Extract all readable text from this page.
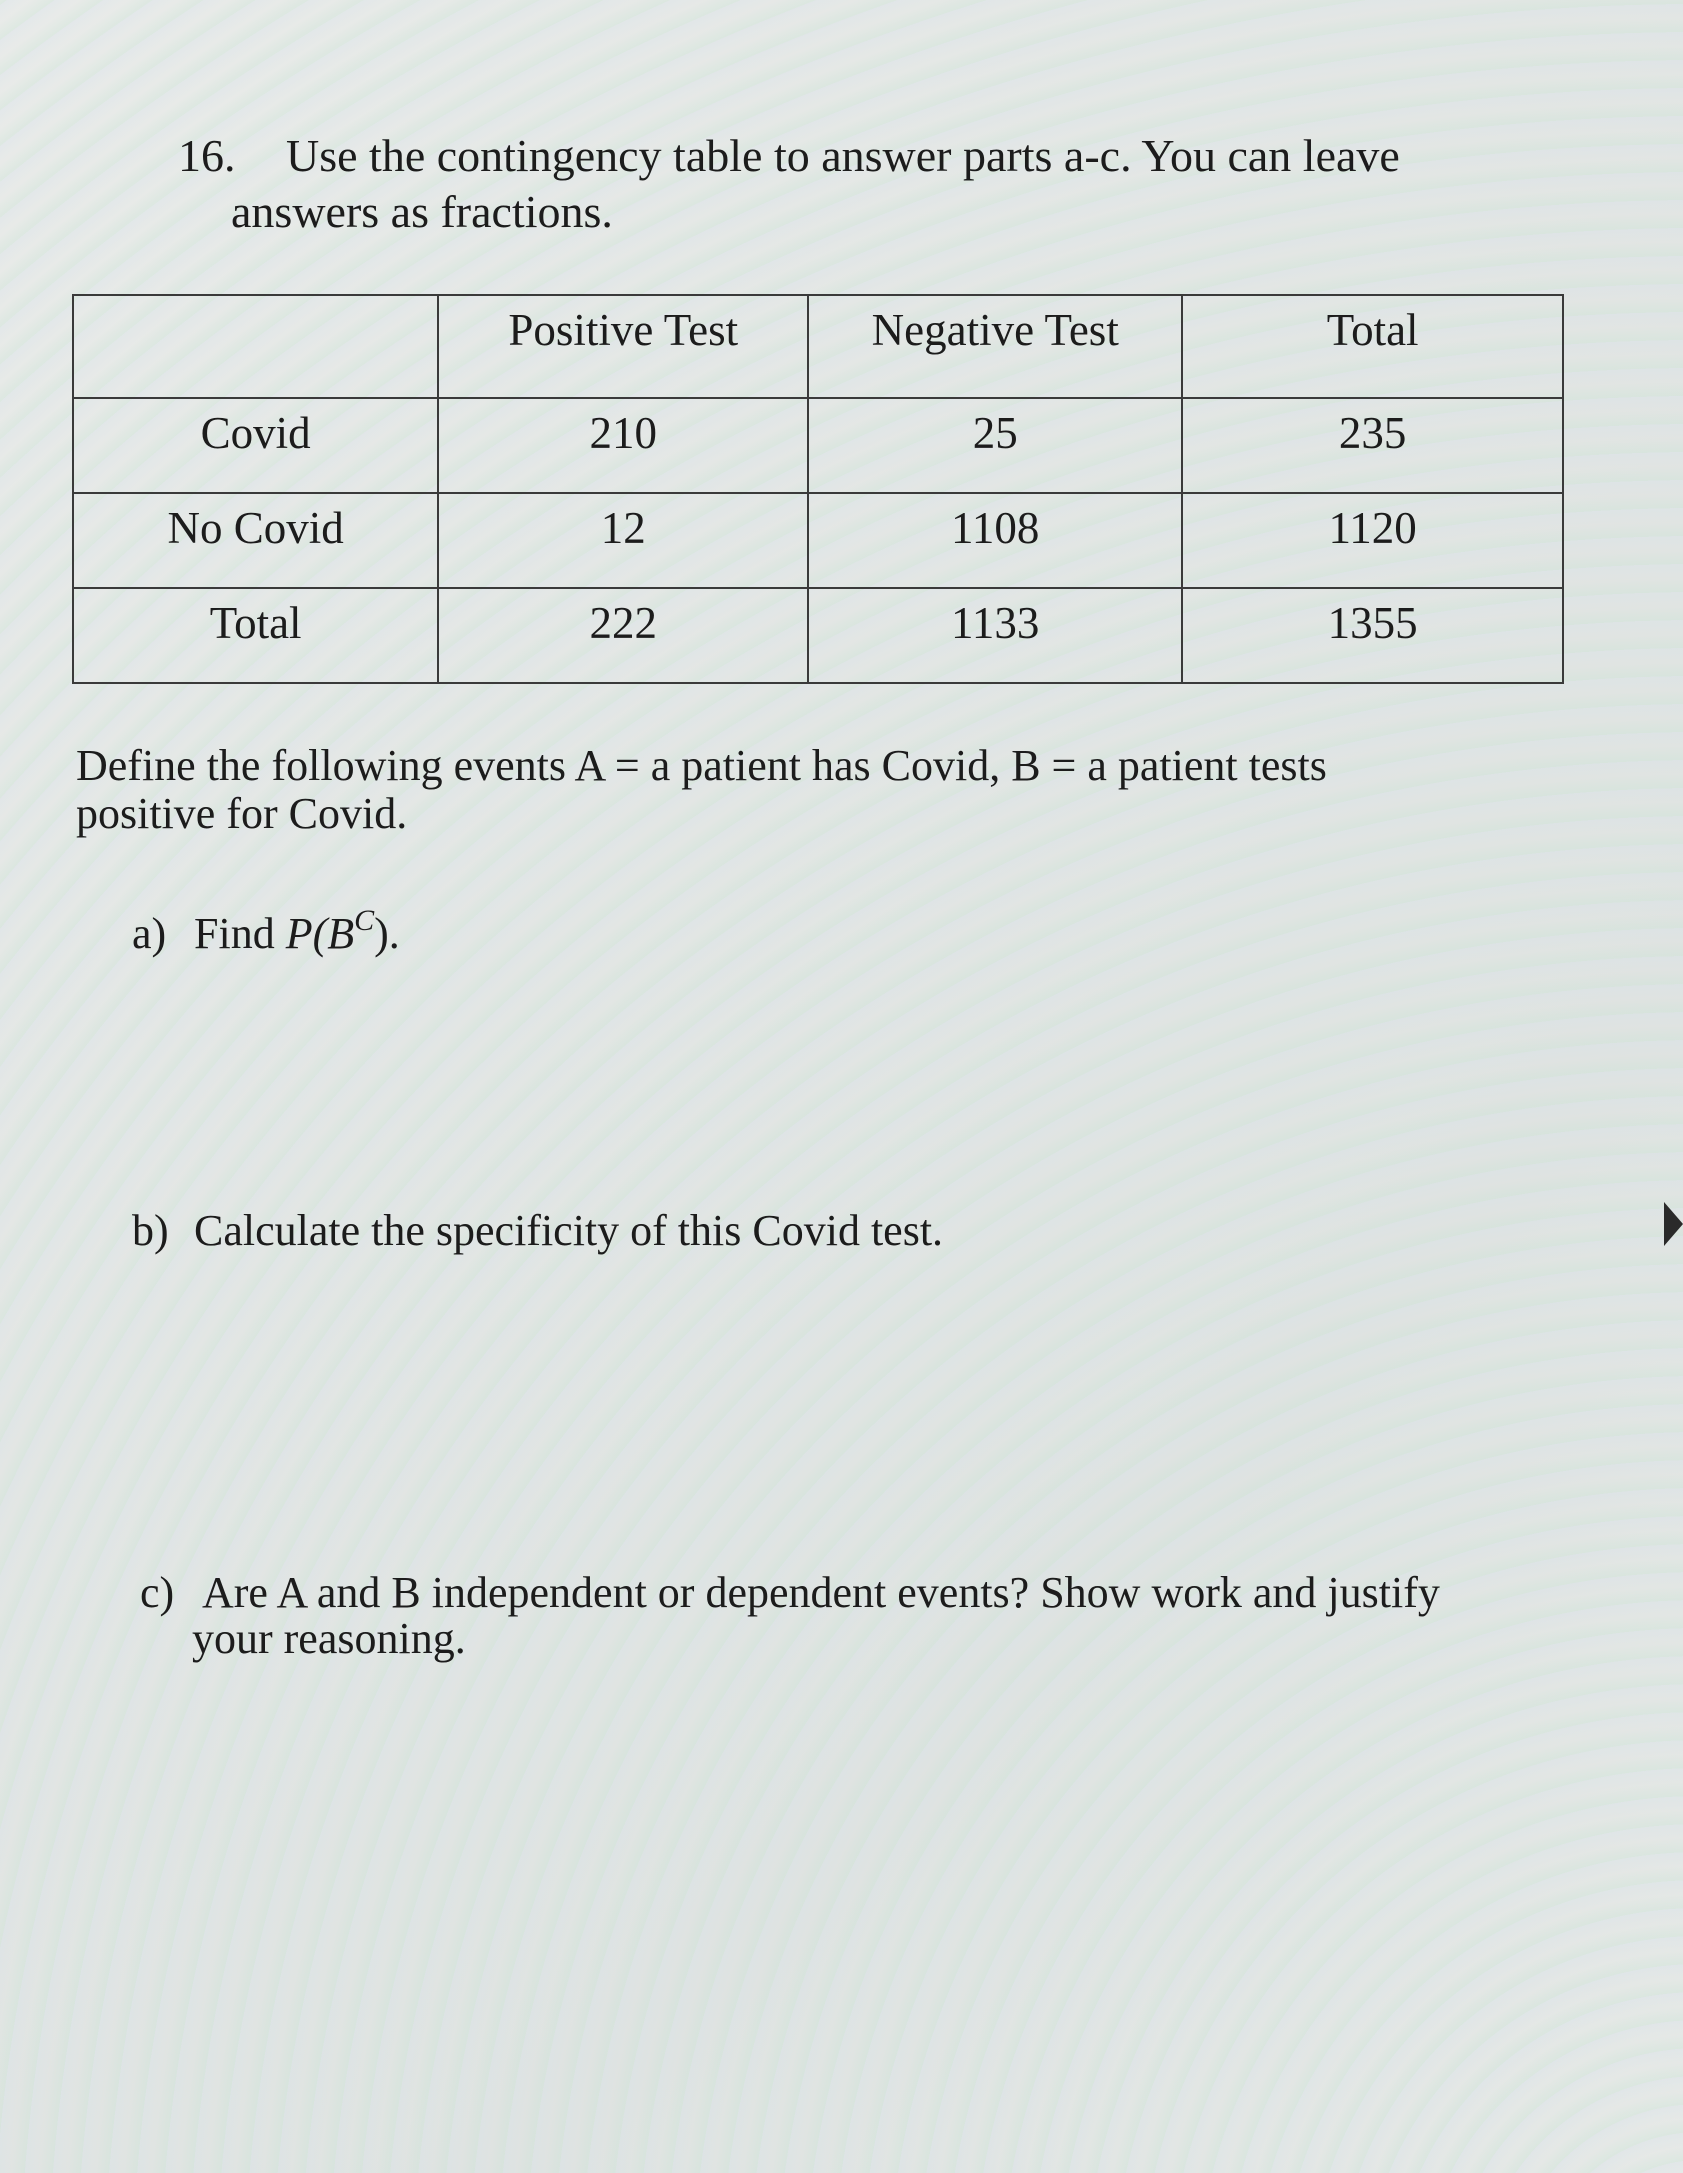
16. Use the contingency table to answer parts a-c. You can leave
answers as fractions.
	Positive Test	Negative Test	Total
Covid	210	25	235
No Covid	12	1108	1120
Total	222	1133	1355
Define the following events A = a patient has Covid, B = a patient tests
positive for Covid.
a) Find $P(B^C)$.
b) Calculate the specificity of this Covid test.
c) Are A and B independent or dependent events? Show work and justify
your reasoning.
